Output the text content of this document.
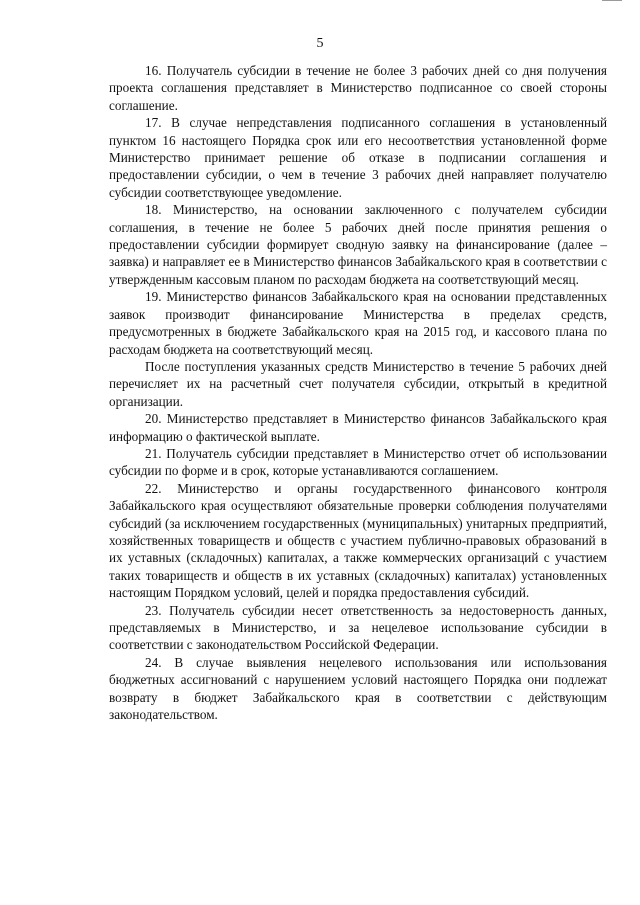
5

16. Получатель субсидии в течение не более 3 рабочих дней со дня получения проекта соглашения представляет в Министерство подписанное со своей стороны соглашение.

17. В случае непредставления подписанного соглашения в установленный пунктом 16 настоящего Порядка срок или его несоответствия установленной форме Министерство принимает решение об отказе в подписании соглашения и предоставлении субсидии, о чем в течение 3 рабочих дней направляет получателю субсидии соответствующее уведомление.

18. Министерство, на основании заключенного с получателем субсидии соглашения, в течение не более 5 рабочих дней после принятия решения о предоставлении субсидии формирует сводную заявку на финансирование (далее – заявка) и направляет ее в Министерство финансов Забайкальского края в соответствии с утвержденным кассовым планом по расходам бюджета на соответствующий месяц.

19. Министерство финансов Забайкальского края на основании представленных заявок производит финансирование Министерства в пределах средств, предусмотренных в бюджете Забайкальского края на 2015 год, и кассового плана по расходам бюджета на соответствующий месяц.

После поступления указанных средств Министерство в течение 5 рабочих дней перечисляет их на расчетный счет получателя субсидии, открытый в кредитной организации.

20. Министерство представляет в Министерство финансов Забайкальского края информацию о фактической выплате.

21. Получатель субсидии представляет в Министерство отчет об использовании субсидии по форме и в срок, которые устанавливаются соглашением.

22. Министерство и органы государственного финансового контроля Забайкальского края осуществляют обязательные проверки соблюдения получателями субсидий (за исключением государственных (муниципальных) унитарных предприятий, хозяйственных товариществ и обществ с участием публично-правовых образований в их уставных (складочных) капиталах, а также коммерческих организаций с участием таких товариществ и обществ в их уставных (складочных) капиталах) установленных настоящим Порядком условий, целей и порядка предоставления субсидий.

23. Получатель субсидии несет ответственность за недостоверность данных, представляемых в Министерство, и за нецелевое использование субсидии в соответствии с законодательством Российской Федерации.

24. В случае выявления нецелевого использования или использования бюджетных ассигнований с нарушением условий настоящего Порядка они подлежат возврату в бюджет Забайкальского края в соответствии с действующим законодательством.
